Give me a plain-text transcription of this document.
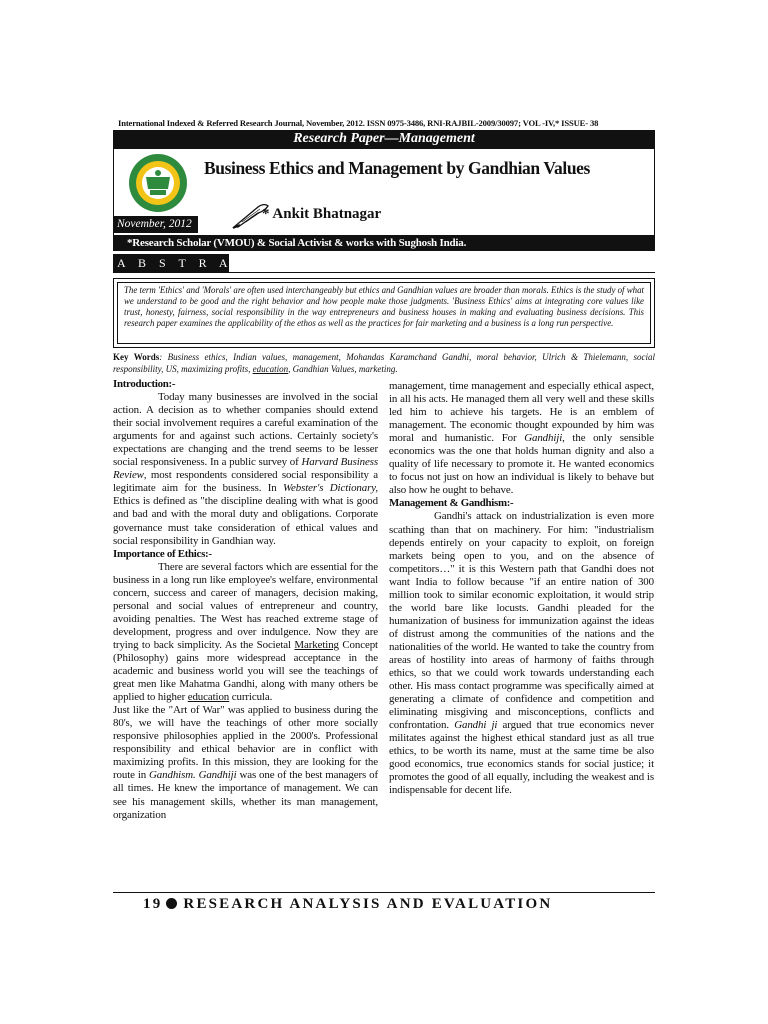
International Indexed & Referred Research Journal, November, 2012. ISSN 0975-3486, RNI-RAJBIL-2009/30097; VOL -IV,* ISSUE- 38
Research Paper—Management
Business Ethics and Management by Gandhian Values
November, 2012
* Ankit Bhatnagar
*Research Scholar (VMOU) & Social Activist & works with Sughosh India.
A B S T R A C T
The term 'Ethics' and 'Morals' are often used interchangeably but ethics and Gandhian values are broader than morals. Ethics is the study of what we understand to be good and the right behavior and how people make those judgments. 'Business Ethics' aims at integrating core values like trust, honesty, fairness, social responsibility in the way entrepreneurs and business houses in making and evaluating business decisions. This research paper examines the applicability of the ethos as well as the practices for fair marketing and a business is a long run perspective.
Key Words: Business ethics, Indian values, management, Mohandas Karamchand Gandhi, moral behavior, Ulrich & Thielemann, social responsibility, US, maximizing profits, education, Gandhian Values, marketing.

Introduction:-

Today many businesses are involved in the social action. A decision as to whether companies should extend their social involvement requires a careful examination of the arguments for and against such actions. Certainly society's expectations are changing and the trend seems to be lesser social responsiveness. In a public survey of Harvard Business Review, most respondents considered social responsibility a legitimate aim for the business. In Webster's Dictionary, Ethics is defined as "the discipline dealing with what is good and bad and with the moral duty and obligations. Corporate governance must take consideration of ethical values and social responsibility in Gandhian way.

Importance of Ethics:-

There are several factors which are essential for the business in a long run like employee's welfare, environmental concern, success and career of managers, decision making, personal and social values of entrepreneur and country, avoiding penalties. The West has reached extreme stage of development, progress and over indulgence. Now they are trying to back simplicity. As the Societal Marketing Concept (Philosophy) gains more widespread acceptance in the academic and business world you will see the teachings of great men like Mahatma Gandhi, along with many others be applied to higher education curricula.

Just like the "Art of War" was applied to business during the 80's, we will have the teachings of other more socially responsive philosophies applied in the 2000's. Professional responsibility and ethical behavior are in conflict with maximizing profits. In this mission, they are looking for the route in Gandhism. Gandhiji was one of the best managers of all times. He knew the importance of management. We can see his management skills, whether its man management, organization

management, time management and especially ethical aspect, in all his acts. He managed them all very well and these skills led him to achieve his targets. He is an emblem of management. The economic thought expounded by him was moral and humanistic. For Gandhiji, the only sensible economics was the one that holds human dignity and also a quality of life necessary to promote it. He wanted economics to focus not just on how an individual is likely to behave but also how he ought to behave.

Management & Gandhism:-

Gandhi's attack on industrialization is even more scathing than that on machinery. For him: "industrialism depends entirely on your capacity to exploit, on foreign markets being open to you, and on the absence of competitors…" it is this Western path that Gandhi does not want India to follow because "if an entire nation of 300 million took to similar economic exploitation, it would strip the world bare like locusts. Gandhi pleaded for the humanization of business for immunization against the ideas of distrust among the communities of the nations and the nationalities of the world. He wanted to take the country from areas of hostility into areas of harmony of faiths through ethics, so that we could work towards understanding each other. His mass contact programme was specifically aimed at generating a climate of confidence and competition and eliminating misgiving and misconceptions, conflicts and confrontation. Gandhi ji argued that true economics never militates against the highest ethical standard just as all true ethics, to be worth its name, must at the same time be also good economics, true economics stands for social justice; it promotes the good of all equally, including the weakest and is indispensable for decent life.

19 RESEARCH ANALYSIS AND EVALUATION
